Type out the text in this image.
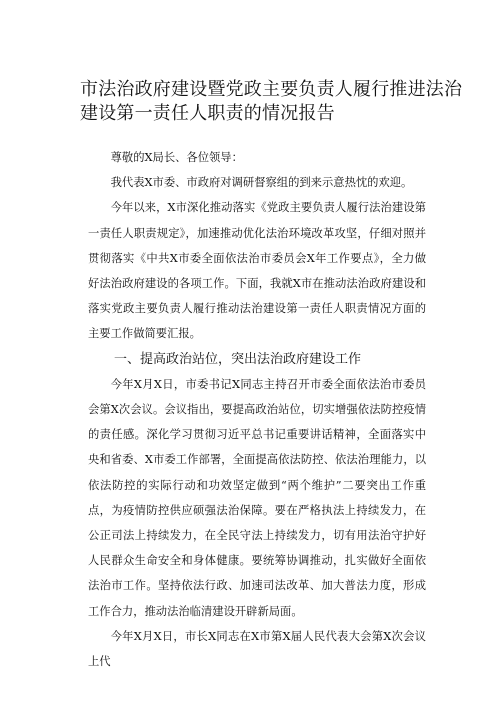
市法治政府建设暨党政主要负责人履行推进法治
建设第一责任人职责的情况报告

尊敬的X局长、各位领导：

我代表X市委、市政府对调研督察组的到来示意热忱的欢迎。

今年以来，X市深化推动落实《党政主要负责人履行法治建设第一责任人职责规定》，加速推动优化法治环境改革攻坚，仔细对照并贯彻落实《中共X市委全面依法治市委员会X年工作要点》，全力做好法治政府建设的各项工作。下面，我就X市在推动法治政府建设和落实党政主要负责人履行推动法治建设第一责任人职责情况方面的主要工作做简要汇报。

一、提高政治站位，突出法治政府建设工作

今年X月X日，市委书记X同志主持召开市委全面依法治市委员会第X次会议。会议指出，要提高政治站位，切实增强依法防控疫情的责任感。深化学习贯彻习近平总书记重要讲话精神，全面落实中央和省委、X市委工作部署，全面提高依法防控、依法治理能力，以依法防控的实际行动和功效坚定做到“两个维护”二要突出工作重点，为疫情防控供应硕强法治保障。要在严格执法上持续发力，在公正司法上持续发力，在全民守法上持续发力，切有用法治守护好人民群众生命安全和身体健康。要统筹协调推动，扎实做好全面依法治市工作。坚持依法行政、加速司法改革、加大普法力度，形成工作合力，推动法治临清建设开辟新局面。

今年X月X日，市长X同志在X市第X届人民代表大会第X次会议上代
